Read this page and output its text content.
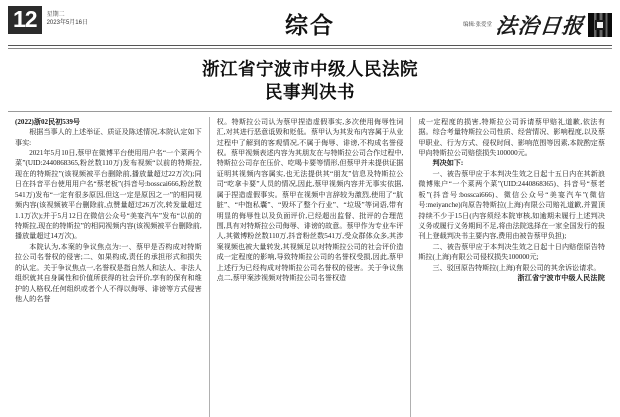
12	星期二
2023年5月16日	综合	编辑:张爱堂 法治日报
浙江省宁波市中级人民法院
民事判决书

(2022)浙02民初539号

根据当事人的上述举证、质证及陈述情况,本院认定如下事实:

2021年5月10日,蔡甲在微博平台使用用户名“一个菜两个菜”(UID:2440868365,粉丝数110万)发布视频“以前的特斯拉,现在的特斯拉”(该视频被平台删除前,播放量超过22万次);同日在抖音平台使用用户名“蔡老板”(抖音号:bosscai666,粉丝数541万)发布“一定有很多原因,但这一定是原因之一”的相同视频内容(该视频被平台删除前,点赞量超过26万次,转发量超过1.1万次);并于5月12日在微信公众号“美宴汽车”发布“以前的特斯拉,现在的特斯拉”的相同视频内容(该视频被平台删除前,播放量超过14万次)。

本院认为,本案的争议焦点为:一、蔡甲是否构成对特斯拉公司名誉权的侵害;二、如果构成,责任的承担形式和损失的认定。关于争议焦点一,名誉权是指自然人和法人、非法人组织就其自身属性和价值所获得的社会评价,享有的保有和维护的人格权,任何组织或者个人不得以侮辱、诽谤等方式侵害他人的名誉

权。特斯拉公司认为蔡甲捏造虚假事实,多次使用侮辱性词汇,对其进行恶意诋毁和贬低。蔡甲认为其发布内容属于从业过程中了解到的客观情况,不属于侮辱、诽谤,不构成名誉侵权。蔡甲视频表述内容为其朋友在与特斯拉公司合作过程中,特斯拉公司存在压价、吃喝卡要等情形,但蔡甲并未提供证据证明其视频内容属实,也无法提供其“朋友”信息及特斯拉公司“吃拿卡要”人员的情况,因此,蔡甲视频内容并无事实依据,属于捏造虚假事实。蔡甲在视频中言辞较为激烈,使用了“肮脏”、“中饱私囊”、“毁坏了整个行业”、“垃圾”等词语,带有明显的侮辱性以及负面评价,已经超出监督、批评的合理范围,具有对特斯拉公司侮辱、诽谤的故意。蔡甲作为专业车评人,其微博粉丝数110万,抖音粉丝数541万,受众群体众多,其涉案视频也被大量转发,其视频足以对特斯拉公司的社会评价造成一定程度的影响,导致特斯拉公司的名誉权受损,因此,蔡甲上述行为已经构成对特斯拉公司名誉权的侵害。关于争议焦点二,蔡甲案涉视频对特斯拉公司名誉权造

成一定程度的损害,特斯拉公司诉请蔡甲赔礼道歉,依法有据。综合考量特斯拉公司性质、经营情况、影响程度,以及蔡甲职业、行为方式、侵权时间、影响范围等因素,本院酌定蔡甲向特斯拉公司赔偿损失100000元。

判决如下:

一、被告蔡甲应于本判决生效之日起十五日内在其新浪微博账户“一个菜两个菜”(UID:2440868365)、抖音号“蔡老板”(抖音号:bosscai666)、微信公众号“美宴汽车”(微信号:meiyanche)向原告特斯拉(上海)有限公司赔礼道歉,并置顶持续不少于15日(内容须经本院审核,如逾期未履行上述判决义务或履行义务期间不足,将由法院选择在一家全国发行的报刊上登载判决书主要内容,费用由被告蔡甲负担);

二、被告蔡甲应于本判决生效之日起十日内赔偿原告特斯拉(上海)有限公司侵权损失100000元;

三、驳回原告特斯拉(上海)有限公司的其余诉讼请求。

浙江省宁波市中级人民法院
